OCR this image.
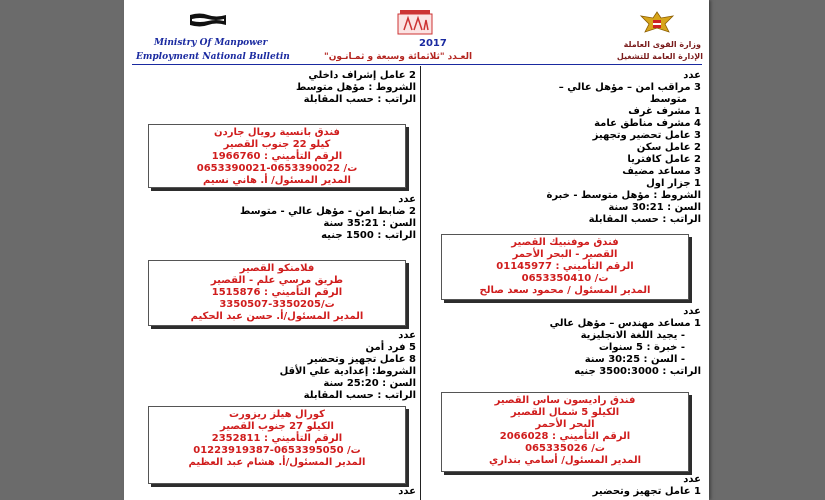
وزارة القوى العاملة
الإدارة العامة للتشغيل
Ministry Of Manpower
Employment National Bulletin
2017
العـدد "ثلاثمائة وسبعة و ثمـانـون"
عدد
3 مراقب امن – مؤهل عالي –
متوسط
1 مشرف غرف
4 مشرف مناطق عامة
3 عامل تحضير وتجهيز
2 عامل سكن
2 عامل كافتريا
3 مساعد مضيف
1 جزار اول
الشروط : مؤهل متوسط - خبرة
السن : 30:21 سنة
الراتب : حسب المقابلة
فندق موفنبيك القصير
القصير - البحر الأحمر
الرقم التأميني : 01145977
ت/ 0653350410
المدير المسئول / محمود سعد صالح
عدد
1 مساعد مهندس – مؤهل عالي
- يجيد اللغة الانجليزية
- خبرة : 5 سنوات
- السن : 30:25 سنة
الراتب : 3500:3000 جنيه
فندق راديسون ساس القصير
الكيلو 5 شمال القصير
البحر الأحمر
الرقم التأميني : 2066028
ت/ 065335026
المدير المسئول/ أسامي بنداري
عدد
1 عامل تجهيز وتحضير
2 عامل إشراف داخلي
الشروط : مؤهل متوسط
الراتب : حسب المقابلة
فندق بانسية رويال جاردن
كيلو 22 جنوب القصير
الرقم التأميني : 1966760
ت/ 0653390022-0653390021
المدير المسئول/ أ. هاني نسيم
عدد
2 ضابط امن - مؤهل عالي - متوسط
السن : 35:21 سنة
الراتب : 1500 جنيه
فلامنكو القصير
طريق مرسي علم - القصير
الرقم التأميني : 1515876
ت/3350205-3350507
المدير المسئول/أ. حسن عبد الحكيم
عدد
5 فرد أمن
8 عامل تجهيز وتحضير
الشروط: إعدادية علي الأقل
السن : 25:20 سنة
الراتب : حسب المقابلة
كورال هيلز ريزورت
الكيلو 27 جنوب القصير
الرقم التأميني : 2352811
ت/ 0653395050-01223919387
المدير المسئول/أ. هشام عبد العظيم
عدد
